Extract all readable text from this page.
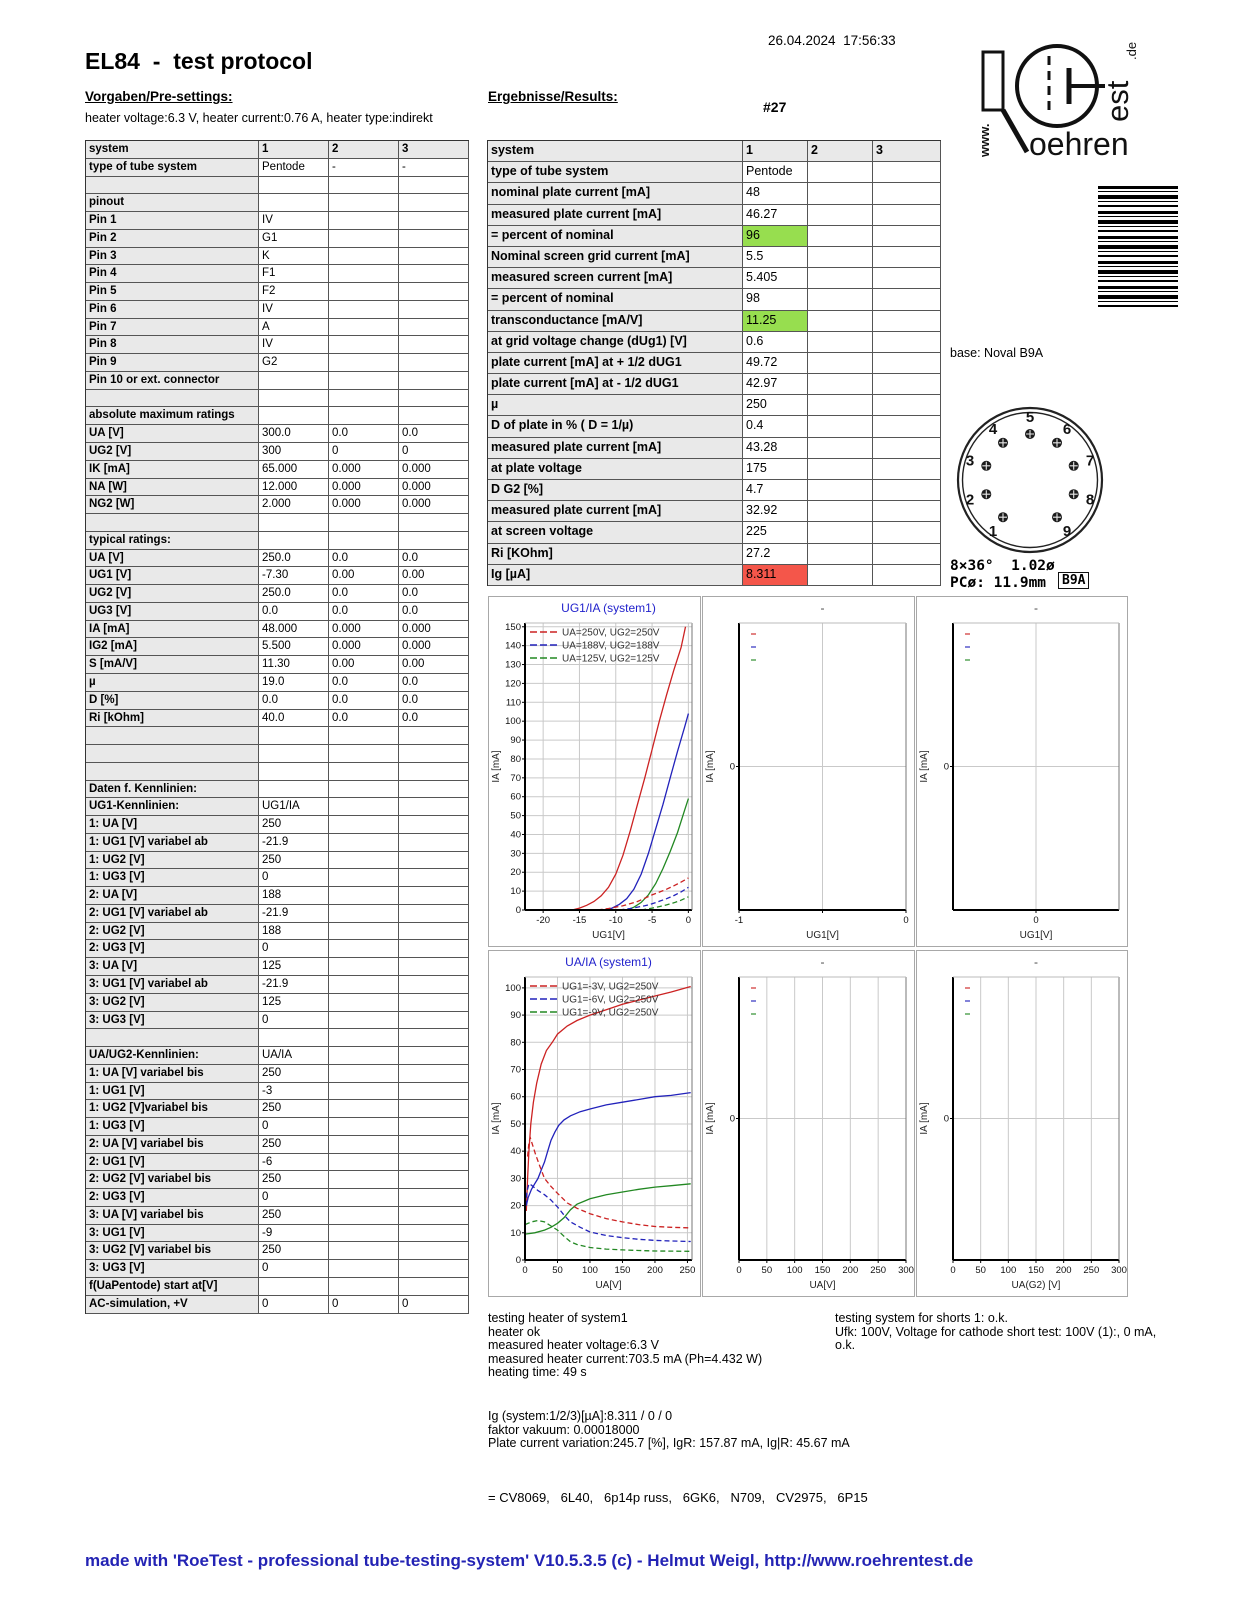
EL84  -  test protocol
26.04.2024  17:56:33
#27
Vorgaben/Pre-settings:	Ergebnisse/Results:
heater voltage:6.3 V, heater current:0.76 A, heater type:indirekt
www. oehren
est
.de
system	1	2	3
type of tube system	Pentode	-	-
pinout
Pin 1	IV
Pin 2	G1
Pin 3	K
Pin 4	F1
Pin 5	F2
Pin 6	IV
Pin 7	A
Pin 8	IV
Pin 9	G2
Pin 10 or ext. connector
absolute maximum ratings
UA [V]	300.0	0.0	0.0
UG2 [V]	300	0	0
IK [mA]	65.000	0.000	0.000
NA [W]	12.000	0.000	0.000
NG2 [W]	2.000	0.000	0.000
typical ratings:
UA [V]	250.0	0.0	0.0
UG1 [V]	-7.30	0.00	0.00
UG2 [V]	250.0	0.0	0.0
UG3 [V]	0.0	0.0	0.0
IA [mA]	48.000	0.000	0.000
IG2 [mA]	5.500	0.000	0.000
S [mA/V]	11.30	0.00	0.00
µ	19.0	0.0	0.0
D [%]	0.0	0.0	0.0
Ri [kOhm]	40.0	0.0	0.0
Daten f. Kennlinien:
UG1-Kennlinien:	UG1/IA
1: UA [V]	250
1: UG1 [V] variabel ab	-21.9
1: UG2 [V]	250
1: UG3 [V]	0
2: UA [V]	188
2: UG1 [V] variabel ab	-21.9
2: UG2 [V]	188
2: UG3 [V]	0
3: UA [V]	125
3: UG1 [V] variabel ab	-21.9
3: UG2 [V]	125
3: UG3 [V]	0
UA/UG2-Kennlinien:	UA/IA
1: UA [V] variabel bis	250
1: UG1 [V]	-3
1: UG2 [V]variabel bis	250
1: UG3 [V]	0
2: UA [V] variabel bis	250
2: UG1 [V]	-6
2: UG2 [V] variabel bis	250
2: UG3 [V]	0
3: UA [V] variabel bis	250
3: UG1 [V]	-9
3: UG2 [V] variabel bis	250
3: UG3 [V]	0
f(UaPentode) start at[V]
AC-simulation, +V	0	0	0
system	1	2	3
type of tube system	Pentode
nominal plate current [mA]	48
measured plate current [mA]	46.27
= percent of nominal	96
Nominal screen grid current [mA]	5.5
measured screen current [mA]	5.405
= percent of nominal	98
transconductance [mA/V]	11.25
at grid voltage change (dUg1) [V]	0.6
plate current [mA] at + 1/2 dUG1	49.72
plate current [mA] at - 1/2 dUG1	42.97
µ	250
D of plate in % ( D = 1/µ)	0.4
measured plate current [mA]	43.28
at plate voltage	175
D G2 [%]	4.7
measured plate current [mA]	32.92
at screen voltage	225
Ri [KOhm]	27.2
Ig [µA]	8.311
base: Noval B9A
1
2
3
4
5
6
7
8
9
8×36°  1.02ø
PCø: 11.9mm	B9A
UG1/IA (system1)
-20 -15 -10	-5	0
0
10
20
30
40
50
60
70
80
90
100
110
120
130
140
150
UG1[V]
IA [mA]
UA=250V, UG2=250V
UA=188V, UG2=188V
UA=125V, UG2=125V
-
-1	0
0
UG1[V]
IA [mA]
-
0
0
UG1[V]
IA [mA]
UA/IA (system1)
0	50 100 150 200 250
0
10
20
30
40
50
60
70
80
90
100
UA[V]
IA [mA]
UG1=-3V, UG2=250V
UG1=-6V, UG2=250V
UG1=-9V, UG2=250V
-
0 50 100 150 200 250 300
0
UA[V]
IA [mA]
-
0 50 100 150 200 250 300
0
UA(G2) [V]
IA [mA]
testing heater of system1
heater ok
measured heater voltage:6.3 V
measured heater current:703.5 mA (Ph=4.432 W)
heating time: 49 s
testing system for shorts 1: o.k.
Ufk: 100V, Voltage for cathode short test: 100V (1):, 0 mA, o.k.
Ig (system:1/2/3)[µA]:8.311 / 0 / 0
faktor vakuum: 0.00018000
Plate current variation:245.7 [%], IgR: 157.87 mA, Ig|R: 45.67 mA
= CV8069,   6L40,   6p14p russ,   6GK6,   N709,   CV2975,   6P15
made with 'RoeTest - professional tube-testing-system' V10.5.3.5 (c) - Helmut Weigl, http://www.roehrentest.de
